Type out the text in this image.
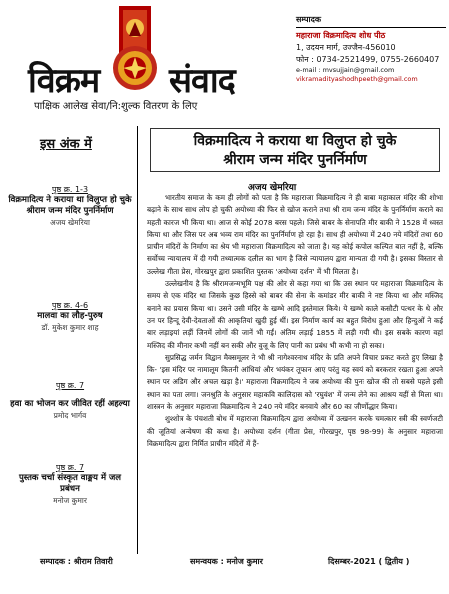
विक्रम संवाद
पाक्षिक आलेख सेवा/नि:शुल्क वितरण के लिए
सम्पादक
महाराजा विक्रमादित्य शोध पीठ
1, उदयन मार्ग, उज्जैन-456010
फोन : 0734-2521499, 0755-2660407
e-mail : mvsujjain@gmail.com
vikramadityashodhpeeth@gmail.com
इस अंक में
पृष्ठ क्र. 1-3
विक्रमादित्य ने कराया था विलुप्त हो चुके श्रीराम जन्म मंदिर पुनर्निर्माण
अजय खेमरिया
पृष्ठ क्र. 4-6
मालवा का लौह-पुरुष
डॉ. मुकेश कुमार शाह
पृष्ठ क्र. 7
हवा का भोजन कर जीवित रहीं अहल्या
प्रमोद भार्गव
पृष्ठ क्र. 7
पुस्तक चर्चा संस्कृत वाङ्मय में जल प्रबंधन
मनोज कुमार
विक्रमादित्य ने कराया था विलुप्त हो चुके
श्रीराम जन्म मंदिर पुनर्निर्माण
अजय खेमरिया

भारतीय समाज के कम ही लोगों को पता है कि महाराजा विक्रमादित्य ने ही बाबा महाकाल मंदिर की शोभा बढ़ाने के साथ साथ लोप हो चुकी अयोध्या की फिर से खोज कराने तथा श्री राम जन्म मंदिर के पुनर्निर्माण कराने का महती कारज भी किया था। आज से कोई 2078 बरस पहले। जिसे बाबर के सेनापति मीर बाकी ने 1528 में ध्वस्त किया था और जिस पर अब भव्य राम मंदिर का पुनर्निर्माण हो रहा है। साथ ही अयोध्या में 240 नये मंदिरों तथा 60 प्राचीन मंदिरों के निर्माण का श्रेय भी महाराजा विक्रमादित्य को जाता है। यह कोई कपोल कल्पित बात नहीं है, बल्कि सर्वोच्च न्यायालय में दी गयी तथ्यात्मक दलील का भाग है जिसे न्यायालय द्वारा मान्यता दी गयी है। इसका विस्तार से उल्लेख गीता प्रेस, गोरखपुर द्वारा प्रकाशित पुस्तक 'अयोध्या दर्शन' में भी मिलता है।

उल्लेखनीय है कि श्रीरामजन्मभूमि पक्ष की ओर से कहा गया था कि उस स्थान पर महाराजा विक्रमादित्य के समय से एक मंदिर था जिसके कुछ हिस्से को बाबर की सेना के कमांडर मीर बाकी ने नष्ट किया था और मस्जिद बनाने का प्रयास किया था। उसने उसी मंदिर के खम्भे आदि इस्तेमाल किये। ये खम्भे काले कसौटी पत्थर के थे और उन पर हिन्दू देवी-देवताओं की आकृतियां खुदी हुई थीं। इस निर्माण कार्य का बहुत विरोध हुआ और हिन्दुओं ने कई बार लड़ाइयां लड़ीं जिनमें लोगों की जानें भी गईं। अंतिम लड़ाई 1855 में लड़ी गयी थी। इस सबके कारण वहां मस्जिद की मीनार कभी नहीं बन सकी और वुजू के लिए पानी का प्रबंध भी कभी ना हो सका।

सुप्रसिद्ध जर्मन विद्वान मैक्समूलर ने भी श्री नागेश्वरनाथ मंदिर के प्रति अपने विचार प्रकट करते हुए लिखा है कि- 'इस मंदिर पर नामालूम कितनी आंधियां और भयंकर तूफान आए परंतु यह स्वयं को बरकरार रखता हुआ अपने स्थान पर अडिग और अचल खड़ा है।' महाराजा विक्रमादित्य ने जब अयोध्या की पुनः खोज की तो सबसे पहले इसी स्थान का पता लगा। जनश्रुति के अनुसार महाकवि कालिदास को 'रघुवंश' में जन्म लेने का आश्रय यहीं से मिला था। शास्त्रन के अनुसार महाराजा विक्रमादित्य ने 240 नये मंदिर बनवाये और 60 का जीर्णोद्धार किया।

शुश्शोत्र के पंचशती बोध में महाराजा विक्रमादित्य द्वारा अयोध्या में उत्खनन करके चमत्कार स्त्री की स्वर्णजटी की जूतियां अन्वेषण की कथा है। अयोध्या दर्शन (गीता प्रेस, गोरखपुर, पृष्ठ 98-99) के अनुसार महाराजा विक्रमादित्य द्वारा निर्मित प्राचीन मंदिरों में हैं-

सम्पादक : श्रीराम तिवारी	समन्वयक : मनोज कुमार	दिसम्बर-2021 ( द्वितीय )
